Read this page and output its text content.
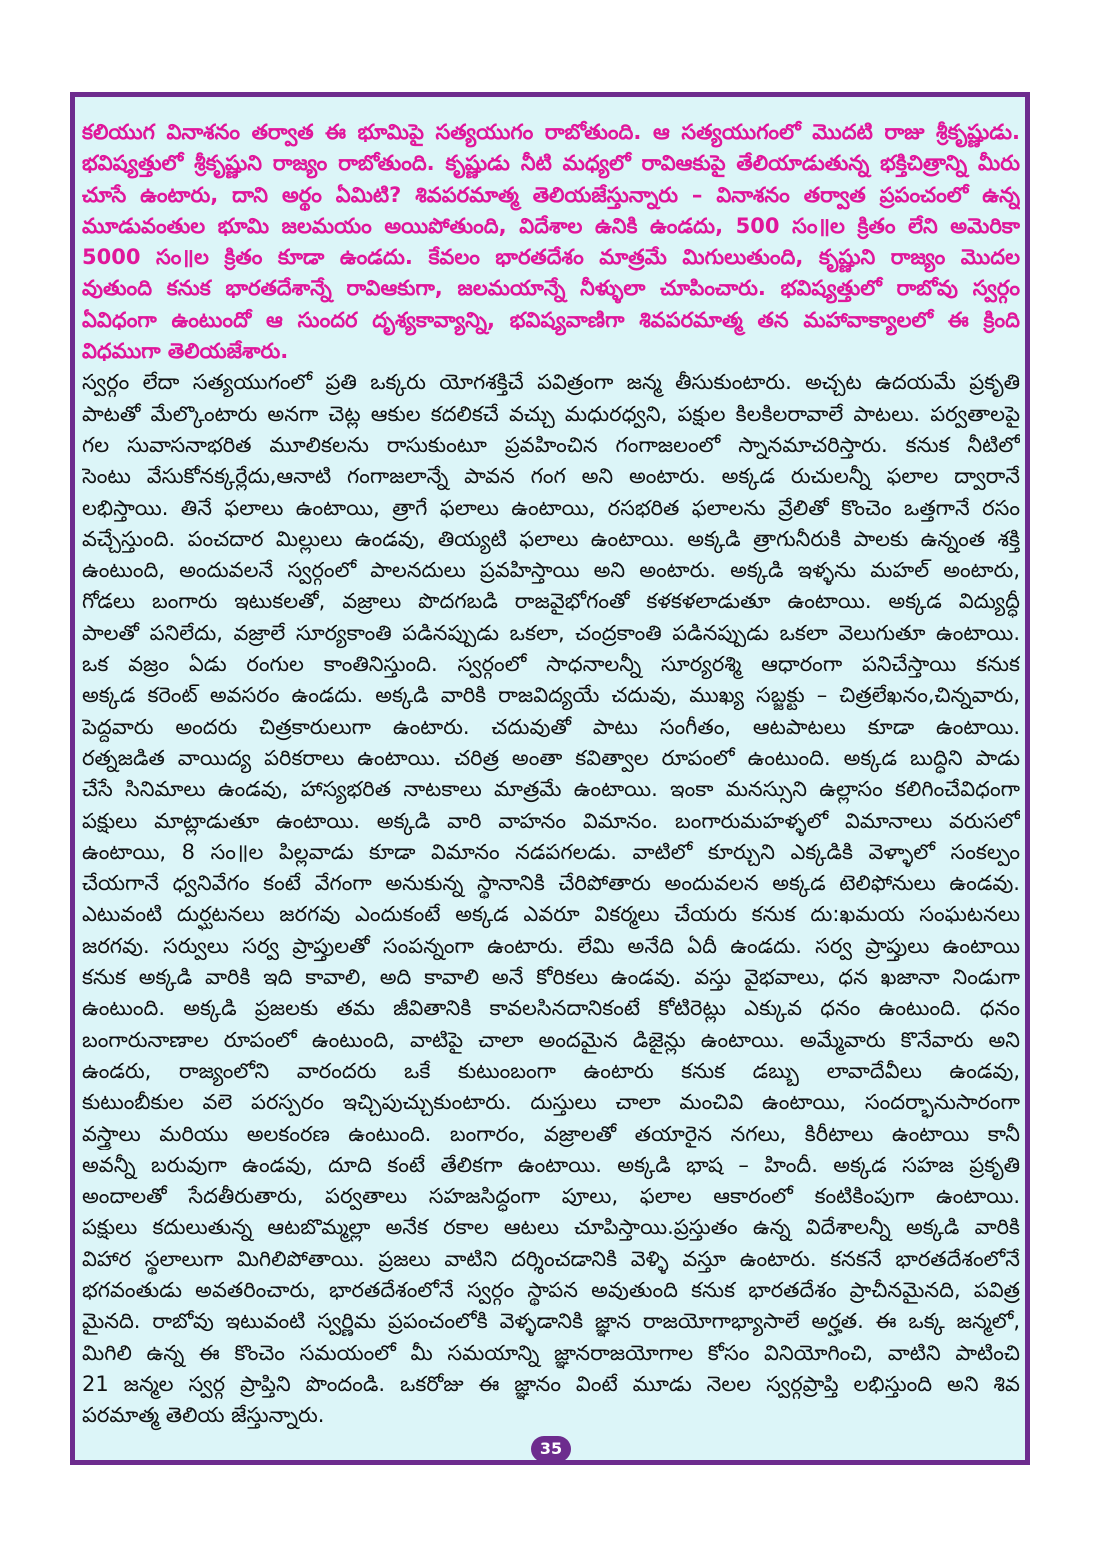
కలియుగ వినాశనం తర్వాత ఈ భూమిపై సత్యయుగం రాబోతుంది. ఆ సత్యయుగంలో మొదటి రాజు శ్రీకృష్ణుడు.
భవిష్యత్తులో శ్రీకృష్ణుని రాజ్యం రాబోతుంది. కృష్ణుడు నీటి మధ్యలో రావిఆకుపై తేలియాడుతున్న భక్తిచిత్రాన్ని మీరు
చూసే ఉంటారు, దాని అర్థం ఏమిటి? శివపరమాత్మ తెలియజేస్తున్నారు – వినాశనం తర్వాత ప్రపంచంలో ఉన్న
మూడువంతుల భూమి జలమయం అయిపోతుంది, విదేశాల ఉనికి ఉండదు, 500 సం॥ల క్రితం లేని అమెరికా
5000 సం॥ల క్రితం కూడా ఉండదు. కేవలం భారతదేశం మాత్రమే మిగులుతుంది, కృష్ణుని రాజ్యం మొదల
వుతుంది కనుక భారతదేశాన్నే రావిఆకుగా, జలమయాన్నే నీళ్ళులా చూపించారు. భవిష్యత్తులో రాబోవు స్వర్గం
ఏవిధంగా ఉంటుందో ఆ సుందర దృశ్యకావ్యాన్ని, భవిష్యవాణిగా శివపరమాత్మ తన మహావాక్యాలలో ఈ క్రింది
విధముగా తెలియజేశారు.
స్వర్గం లేదా సత్యయుగంలో ప్రతి ఒక్కరు యోగశక్తిచే పవిత్రంగా జన్మ తీసుకుంటారు. అచ్చట ఉదయమే ప్రకృతి
పాటతో మేల్కొంటారు అనగా చెట్ల ఆకుల కదలికచే వచ్చు మధురధ్వని, పక్షుల కిలకిలరావాలే పాటలు. పర్వతాలపై
గల సువాసనాభరిత మూలికలను రాసుకుంటూ ప్రవహించిన గంగాజలంలో స్నానమాచరిస్తారు. కనుక నీటిలో
సెంటు వేసుకోనక్కర్లేదు,ఆనాటి గంగాజలాన్నే పావన గంగ అని అంటారు. అక్కడ రుచులన్నీ ఫలాల ద్వారానే
లభిస్తాయి. తినే ఫలాలు ఉంటాయి, త్రాగే ఫలాలు ఉంటాయి, రసభరిత ఫలాలను వ్రేలితో కొంచెం ఒత్తగానే రసం
వచ్చేస్తుంది. పంచదార మిల్లులు ఉండవు, తియ్యటి ఫలాలు ఉంటాయి. అక్కడి త్రాగునీరుకి పాలకు ఉన్నంత శక్తి
ఉంటుంది, అందువలనే స్వర్గంలో పాలనదులు ప్రవహిస్తాయి అని అంటారు. అక్కడి ఇళ్ళను మహల్ అంటారు,
గోడలు బంగారు ఇటుకలతో, వజ్రాలు పొదగబడి రాజవైభోగంతో కళకళలాడుతూ ఉంటాయి. అక్కడ విద్యుద్ధీ
పాలతో పనిలేదు, వజ్రాలే సూర్యకాంతి పడినప్పుడు ఒకలా, చంద్రకాంతి పడినప్పుడు ఒకలా వెలుగుతూ ఉంటాయి.
ఒక వజ్రం ఏడు రంగుల కాంతినిస్తుంది. స్వర్గంలో సాధనాలన్నీ సూర్యరశ్మి ఆధారంగా పనిచేస్తాయి కనుక
అక్కడ కరెంట్ అవసరం ఉండదు. అక్కడి వారికి రాజవిద్యయే చదువు, ముఖ్య సబ్జక్టు – చిత్రలేఖనం,చిన్నవారు,
పెద్దవారు అందరు చిత్రకారులుగా ఉంటారు. చదువుతో పాటు సంగీతం, ఆటపాటలు కూడా ఉంటాయి.
రత్నజడిత వాయిద్య పరికరాలు ఉంటాయి. చరిత్ర అంతా కవిత్వాల రూపంలో ఉంటుంది. అక్కడ బుద్ధిని పాడు
చేసే సినిమాలు ఉండవు, హాస్యభరిత నాటకాలు మాత్రమే ఉంటాయి. ఇంకా మనస్సుని ఉల్లాసం కలిగించేవిధంగా
పక్షులు మాట్లాడుతూ ఉంటాయి. అక్కడి వారి వాహనం విమానం. బంగారుమహళ్ళలో విమానాలు వరుసలో
ఉంటాయి, 8 సం॥ల పిల్లవాడు కూడా విమానం నడపగలడు. వాటిలో కూర్చుని ఎక్కడికి వెళ్ళాలో సంకల్పం
చేయగానే ధ్వనివేగం కంటే వేగంగా అనుకున్న స్థానానికి చేరిపోతారు అందువలన అక్కడ టెలిఫోనులు ఉండవు.
ఎటువంటి దుర్ఘటనలు జరగవు ఎందుకంటే అక్కడ ఎవరూ వికర్మలు చేయరు కనుక దు:ఖమయ సంఘటనలు
జరగవు. సర్వులు సర్వ ప్రాప్తులతో సంపన్నంగా ఉంటారు. లేమి అనేది ఏదీ ఉండదు. సర్వ ప్రాప్తులు ఉంటాయి
కనుక అక్కడి వారికి ఇది కావాలి, అది కావాలి అనే కోరికలు ఉండవు. వస్తు వైభవాలు, ధన ఖజానా నిండుగా
ఉంటుంది. అక్కడి ప్రజలకు తమ జీవితానికి కావలసినదానికంటే కోటిరెట్లు ఎక్కువ ధనం ఉంటుంది. ధనం
బంగారునాణాల రూపంలో ఉంటుంది, వాటిపై చాలా అందమైన డిజైన్లు ఉంటాయి. అమ్మేవారు కొనేవారు అని
ఉండరు, రాజ్యంలోని వారందరు ఒకే కుటుంబంగా ఉంటారు కనుక డబ్బు లావాదేవీలు ఉండవు,
కుటుంబీకుల వలె పరస్పరం ఇచ్చిపుచ్చుకుంటారు. దుస్తులు చాలా మంచివి ఉంటాయి, సందర్భానుసారంగా
వస్త్రాలు మరియు అలకంరణ ఉంటుంది. బంగారం, వజ్రాలతో తయారైన నగలు, కిరీటాలు ఉంటాయి కానీ
అవన్నీ బరువుగా ఉండవు, దూది కంటే తేలికగా ఉంటాయి. అక్కడి భాష – హిందీ. అక్కడ సహజ ప్రకృతి
అందాలతో సేదతీరుతారు, పర్వతాలు సహజసిద్ధంగా పూలు, ఫలాల ఆకారంలో కంటికింపుగా ఉంటాయి.
పక్షులు కదులుతున్న ఆటబొమ్మల్లా అనేక రకాల ఆటలు చూపిస్తాయి.ప్రస్తుతం ఉన్న విదేశాలన్నీ అక్కడి వారికి
విహార స్థలాలుగా మిగిలిపోతాయి. ప్రజలు వాటిని దర్శించడానికి వెళ్ళి వస్తూ ఉంటారు. కనకనే భారతదేశంలోనే
భగవంతుడు అవతరించారు, భారతదేశంలోనే స్వర్గం స్థాపన అవుతుంది కనుక భారతదేశం ప్రాచీనమైనది, పవిత్ర
మైనది. రాబోవు ఇటువంటి స్వర్ణిమ ప్రపంచంలోకి వెళ్ళడానికి జ్ఞాన రాజయోగాభ్యాసాలే అర్హత. ఈ ఒక్క జన్మలో,
మిగిలి ఉన్న ఈ కొంచెం సమయంలో మీ సమయాన్ని జ్ఞానరాజయోగాల కోసం వినియోగించి, వాటిని పాటించి
21 జన్మల స్వర్గ ప్రాప్తిని పొందండి. ఒకరోజు ఈ జ్ఞానం వింటే మూడు నెలల స్వర్గప్రాప్తి లభిస్తుంది అని శివ
పరమాత్మ తెలియ జేస్తున్నారు.
35
